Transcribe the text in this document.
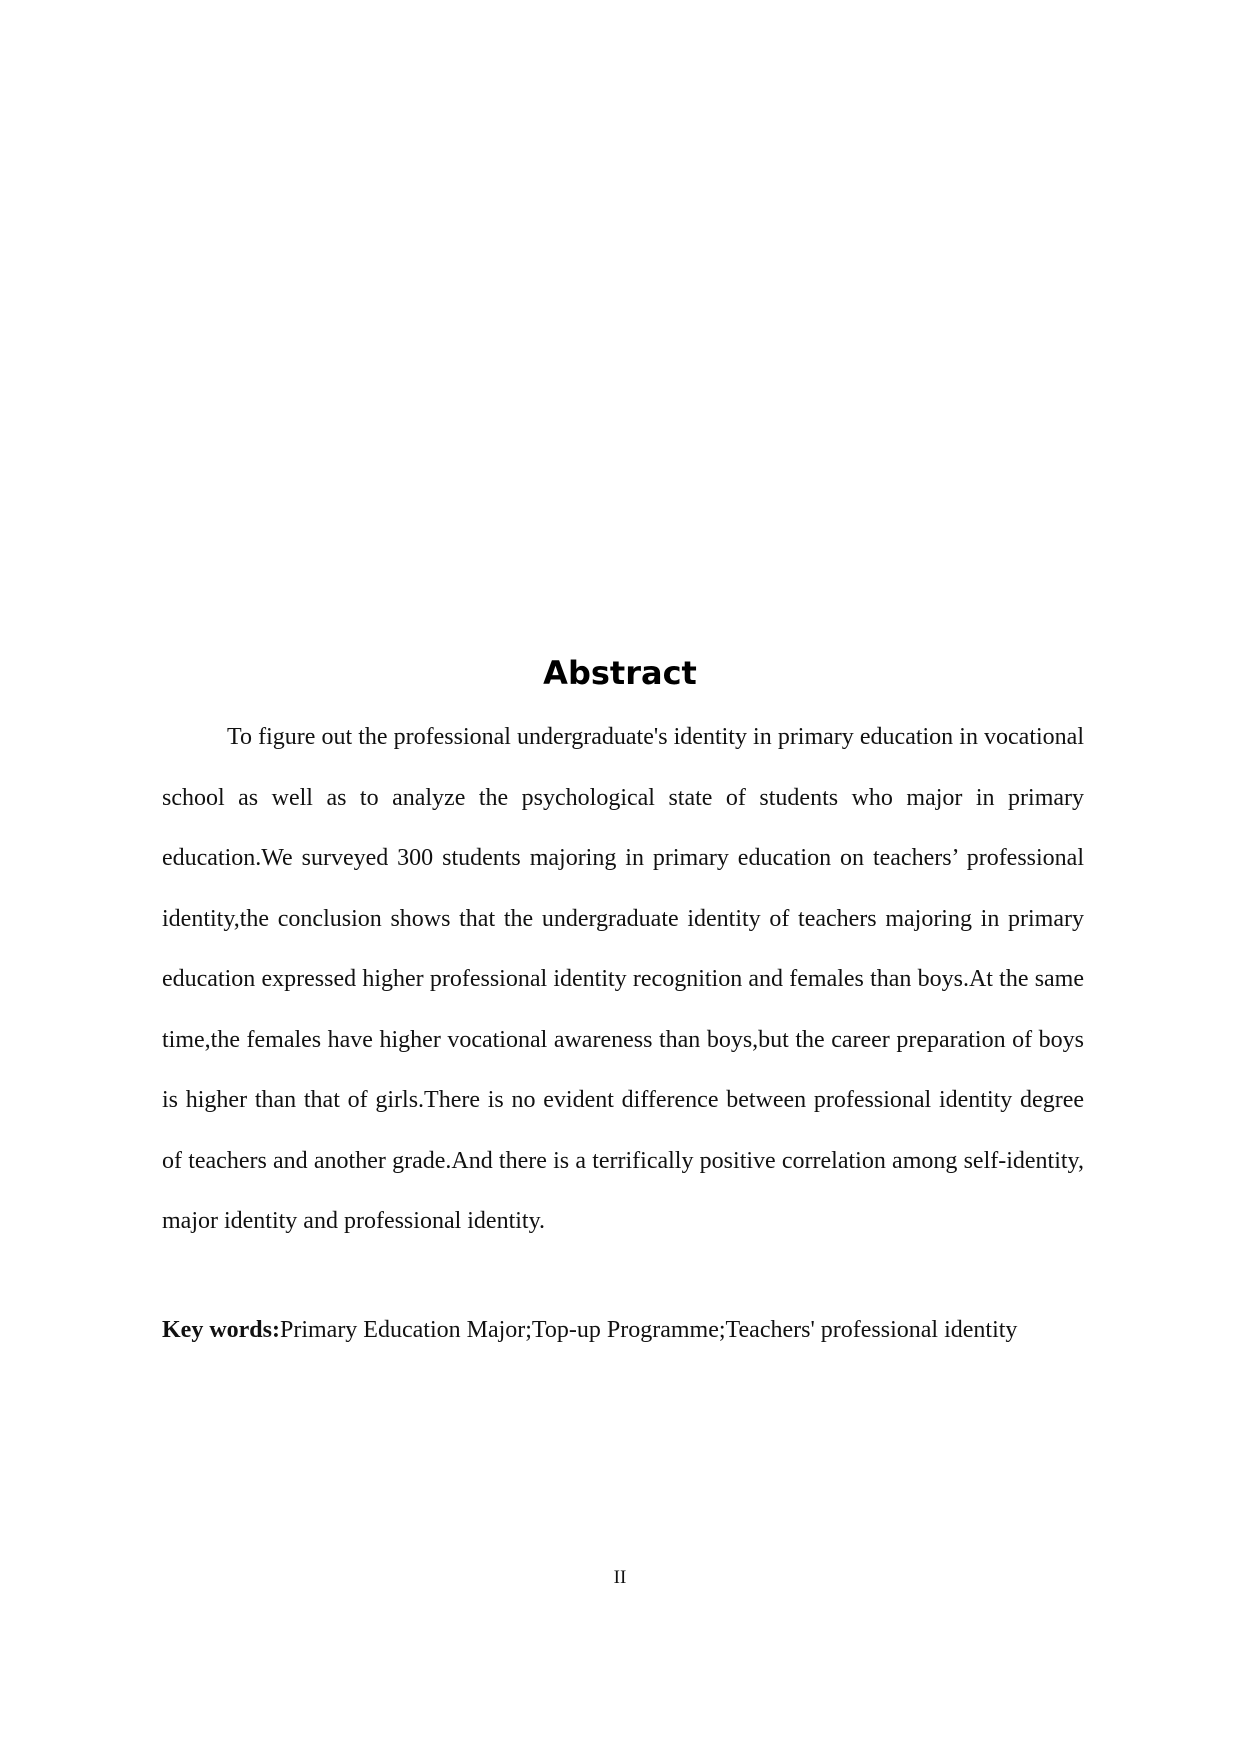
Abstract

To figure out the professional undergraduate's identity in primary education in vocational school as well as to analyze the psychological state of students who major in primary education.We surveyed 300 students majoring in primary education on teachers’ professional identity,the conclusion shows that the undergraduate identity of teachers majoring in primary education expressed higher professional identity recognition and females than boys.At the same time,the females have higher vocational awareness than boys,but the career preparation of boys is higher than that of girls.There is no evident difference between professional identity degree of teachers and another grade.And there is a terrifically positive correlation among self-identity, major identity and professional identity.

Key words:Primary Education Major;Top-up Programme;Teachers' professional identity

II
